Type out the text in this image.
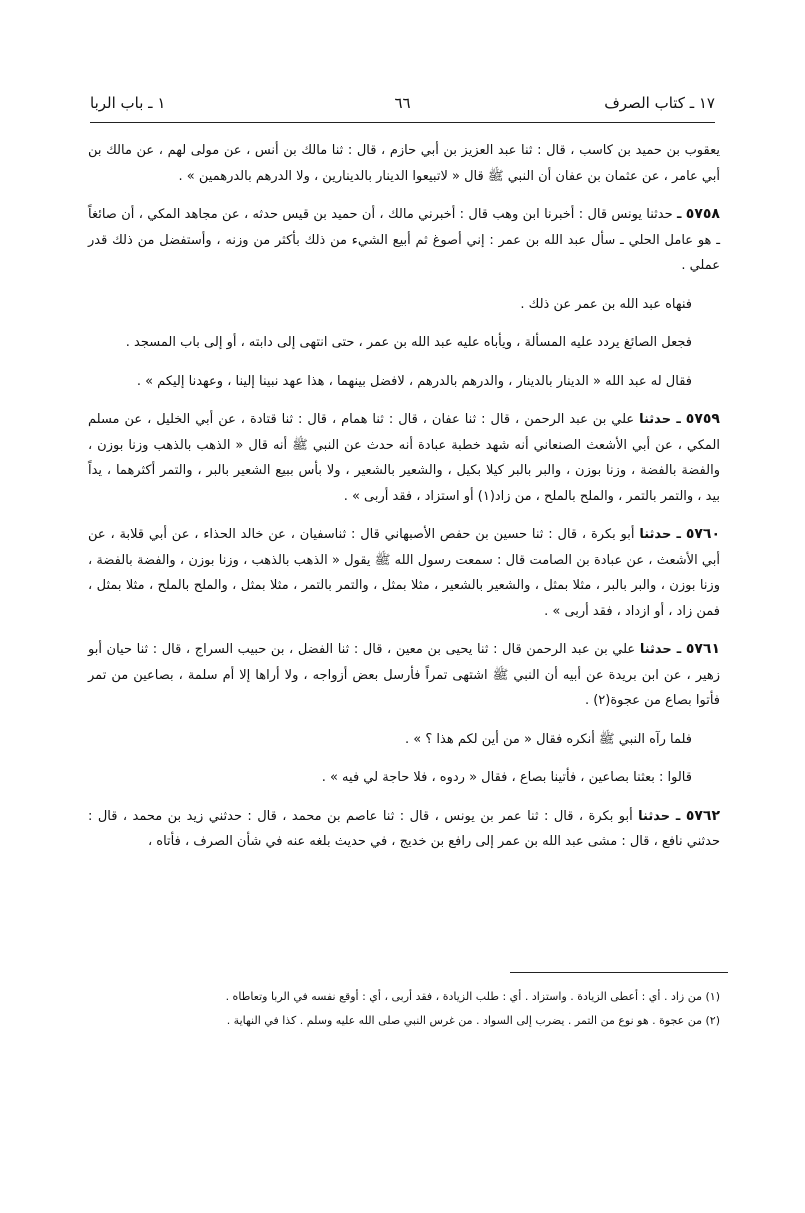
١٧ ـ كتاب الصرف
٦٦
١ ـ باب الربا

يعقوب بن حميد بن كاسب ، قال : ثنا عبد العزيز بن أبي حازم ، قال : ثنا مالك بن أنس ، عن مولى لهم ، عن مالك بن أبي عامر ، عن عثمان بن عفان أن النبي ﷺ قال « لاتبيعوا الدينار بالدينارين ، ولا الدرهم بالدرهمين » .

٥٧٥٨ ـ حدثنا يونس قال : أخبرنا ابن وهب قال : أخبرني مالك ، أن حميد بن قيس حدثه ، عن مجاهد المكي ، أن صائغاً ـ هو عامل الحلي ـ سأل عبد الله بن عمر : إني أصوغ ثم أبيع الشيء من ذلك بأكثر من وزنه ، وأستفضل من ذلك قدر عملي .

فنهاه عبد الله بن عمر عن ذلك .

فجعل الصائغ يردد عليه المسألة ، ويأباه عليه عبد الله بن عمر ، حتى انتهى إلى دابته ، أو إلى باب المسجد .

فقال له عبد الله « الدينار بالدينار ، والدرهم بالدرهم ، لافضل بينهما ، هذا عهد نبينا إلينا ، وعهدنا إليكم » .

٥٧٥٩ ـ حدثنا علي بن عبد الرحمن ، قال : ثنا عفان ، قال : ثنا همام ، قال : ثنا قتادة ، عن أبي الخليل ، عن مسلم المكي ، عن أبي الأشعث الصنعاني أنه شهد خطبة عبادة أنه حدث عن النبي ﷺ أنه قال « الذهب بالذهب وزنا بوزن ، والفضة بالفضة ، وزنا بوزن ، والبر بالبر كيلا بكيل ، والشعير بالشعير ، ولا بأس ببيع الشعير بالبر ، والتمر أكثرهما ، يداً بيد ، والتمر بالتمر ، والملح بالملح ، من زاد(١) أو استزاد ، فقد أربى » .

٥٧٦٠ ـ حدثنا أبو بكرة ، قال : ثنا حسين بن حفص الأصبهاني قال : ثناسفيان ، عن خالد الحذاء ، عن أبي قلابة ، عن أبي الأشعث ، عن عبادة بن الصامت قال : سمعت رسول الله ﷺ يقول « الذهب بالذهب ، وزنا بوزن ، والفضة بالفضة ، وزنا بوزن ، والبر بالبر ، مثلا بمثل ، والشعير بالشعير ، مثلا بمثل ، والتمر بالتمر ، مثلا بمثل ، والملح بالملح ، مثلا بمثل ، فمن زاد ، أو ازداد ، فقد أربى » .

٥٧٦١ ـ حدثنا علي بن عبد الرحمن قال : ثنا يحيى بن معين ، قال : ثنا الفضل ، بن حبيب السراج ، قال : ثنا حيان أبو زهير ، عن ابن بريدة عن أبيه أن النبي ﷺ اشتهى تمراً فأرسل بعض أزواجه ، ولا أراها إلا أم سلمة ، بصاعين من تمر فأتوا بصاع من عجوة(٢) .

فلما رآه النبي ﷺ أنكره فقال « من أين لكم هذا ؟ » .

قالوا : بعثنا بصاعين ، فأتينا بصاع ، فقال « ردوه ، فلا حاجة لي فيه » .

٥٧٦٢ ـ حدثنا أبو بكرة ، قال : ثنا عمر بن يونس ، قال : ثنا عاصم بن محمد ، قال : حدثني زيد بن محمد ، قال : حدثني نافع ، قال : مشى عبد الله بن عمر إلى رافع بن خديج ، في حديث بلغه عنه في شأن الصرف ، فأتاه ،

(١) من زاد . أي : أعطى الزيادة . واستزاد . أي : طلب الزيادة ، فقد أربى ، أي : أوقع نفسه في الربا وتعاطاه .
(٢) من عجوة . هو نوع من التمر . يضرب إلى السواد . من غرس النبي صلى الله عليه وسلم . كذا في النهاية .
